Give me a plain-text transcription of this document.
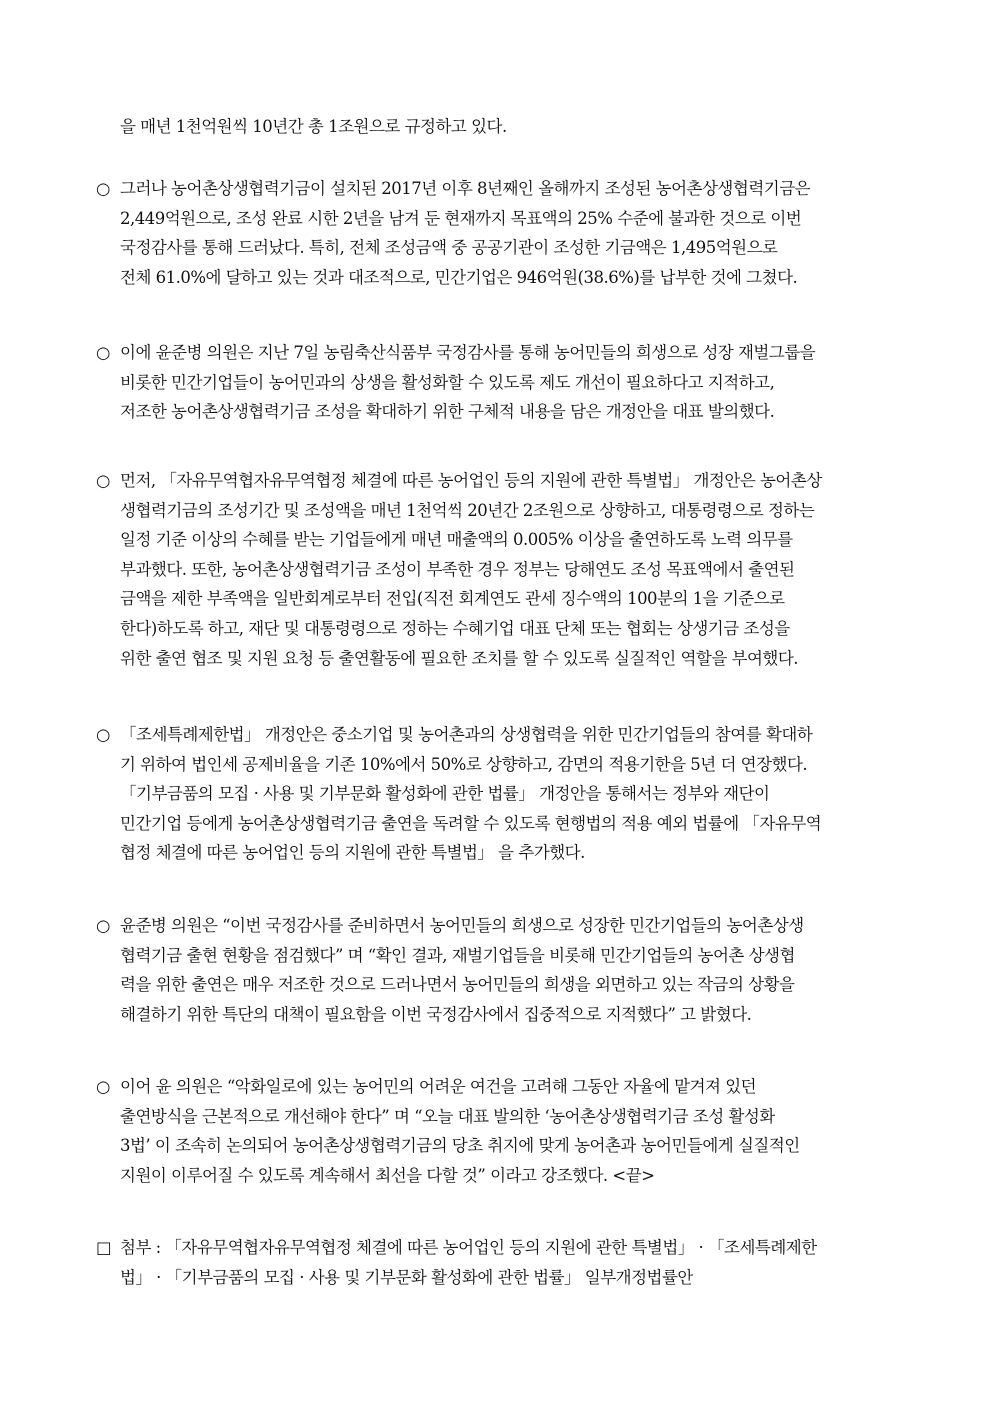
을 매년 1천억원씩 10년간 총 1조원으로 규정하고 있다.
○ 그러나 농어촌상생협력기금이 설치된 2017년 이후 8년째인 올해까지 조성된 농어촌상생협력기금은
2,449억원으로, 조성 완료 시한 2년을 남겨 둔 현재까지 목표액의 25% 수준에 불과한 것으로 이번
국정감사를 통해 드러났다. 특히, 전체 조성금액 중 공공기관이 조성한 기금액은 1,495억원으로
전체 61.0%에 달하고 있는 것과 대조적으로, 민간기업은 946억원(38.6%)를 납부한 것에 그쳤다.
○ 이에 윤준병 의원은 지난 7일 농림축산식품부 국정감사를 통해 농어민들의 희생으로 성장 재벌그룹을
비롯한 민간기업들이 농어민과의 상생을 활성화할 수 있도록 제도 개선이 필요하다고 지적하고,
저조한 농어촌상생협력기금 조성을 확대하기 위한 구체적 내용을 담은 개정안을 대표 발의했다.
○ 먼저, 「자유무역협자유무역협정 체결에 따른 농어업인 등의 지원에 관한 특별법」 개정안은 농어촌상
생협력기금의 조성기간 및 조성액을 매년 1천억씩 20년간 2조원으로 상향하고, 대통령령으로 정하는
일정 기준 이상의 수혜를 받는 기업들에게 매년 매출액의 0.005% 이상을 출연하도록 노력 의무를
부과했다. 또한, 농어촌상생협력기금 조성이 부족한 경우 정부는 당해연도 조성 목표액에서 출연된
금액을 제한 부족액을 일반회계로부터 전입(직전 회계연도 관세 징수액의 100분의 1을 기준으로
한다)하도록 하고, 재단 및 대통령령으로 정하는 수혜기업 대표 단체 또는 협회는 상생기금 조성을
위한 출연 협조 및 지원 요청 등 출연활동에 필요한 조치를 할 수 있도록 실질적인 역할을 부여했다.
○ 「조세특례제한법」 개정안은 중소기업 및 농어촌과의 상생협력을 위한 민간기업들의 참여를 확대하
기 위하여 법인세 공제비율을 기존 10%에서 50%로 상향하고, 감면의 적용기한을 5년 더 연장했다.
「기부금품의 모집 · 사용 및 기부문화 활성화에 관한 법률」 개정안을 통해서는 정부와 재단이
민간기업 등에게 농어촌상생협력기금 출연을 독려할 수 있도록 현행법의 적용 예외 법률에 「자유무역
협정 체결에 따른 농어업인 등의 지원에 관한 특별법」 을 추가했다.
○ 윤준병 의원은 “이번 국정감사를 준비하면서 농어민들의 희생으로 성장한 민간기업들의 농어촌상생
협력기금 출현 현황을 점검했다” 며 “확인 결과, 재벌기업들을 비롯해 민간기업들의 농어촌 상생협
력을 위한 출연은 매우 저조한 것으로 드러나면서 농어민들의 희생을 외면하고 있는 작금의 상황을
해결하기 위한 특단의 대책이 필요함을 이번 국정감사에서 집중적으로 지적했다” 고 밝혔다.
○ 이어 윤 의원은 “악화일로에 있는 농어민의 어려운 여건을 고려해 그동안 자율에 맡겨져 있던
출연방식을 근본적으로 개선해야 한다” 며 “오늘 대표 발의한 ‘농어촌상생협력기금 조성 활성화
3법’ 이 조속히 논의되어 농어촌상생협력기금의 당초 취지에 맞게 농어촌과 농어민들에게 실질적인
지원이 이루어질 수 있도록 계속해서 최선을 다할 것” 이라고 강조했다. <끝>
□ 첨부 : 「자유무역협자유무역협정 체결에 따른 농어업인 등의 지원에 관한 특별법」 · 「조세특례제한
법」 · 「기부금품의 모집 · 사용 및 기부문화 활성화에 관한 법률」 일부개정법률안
